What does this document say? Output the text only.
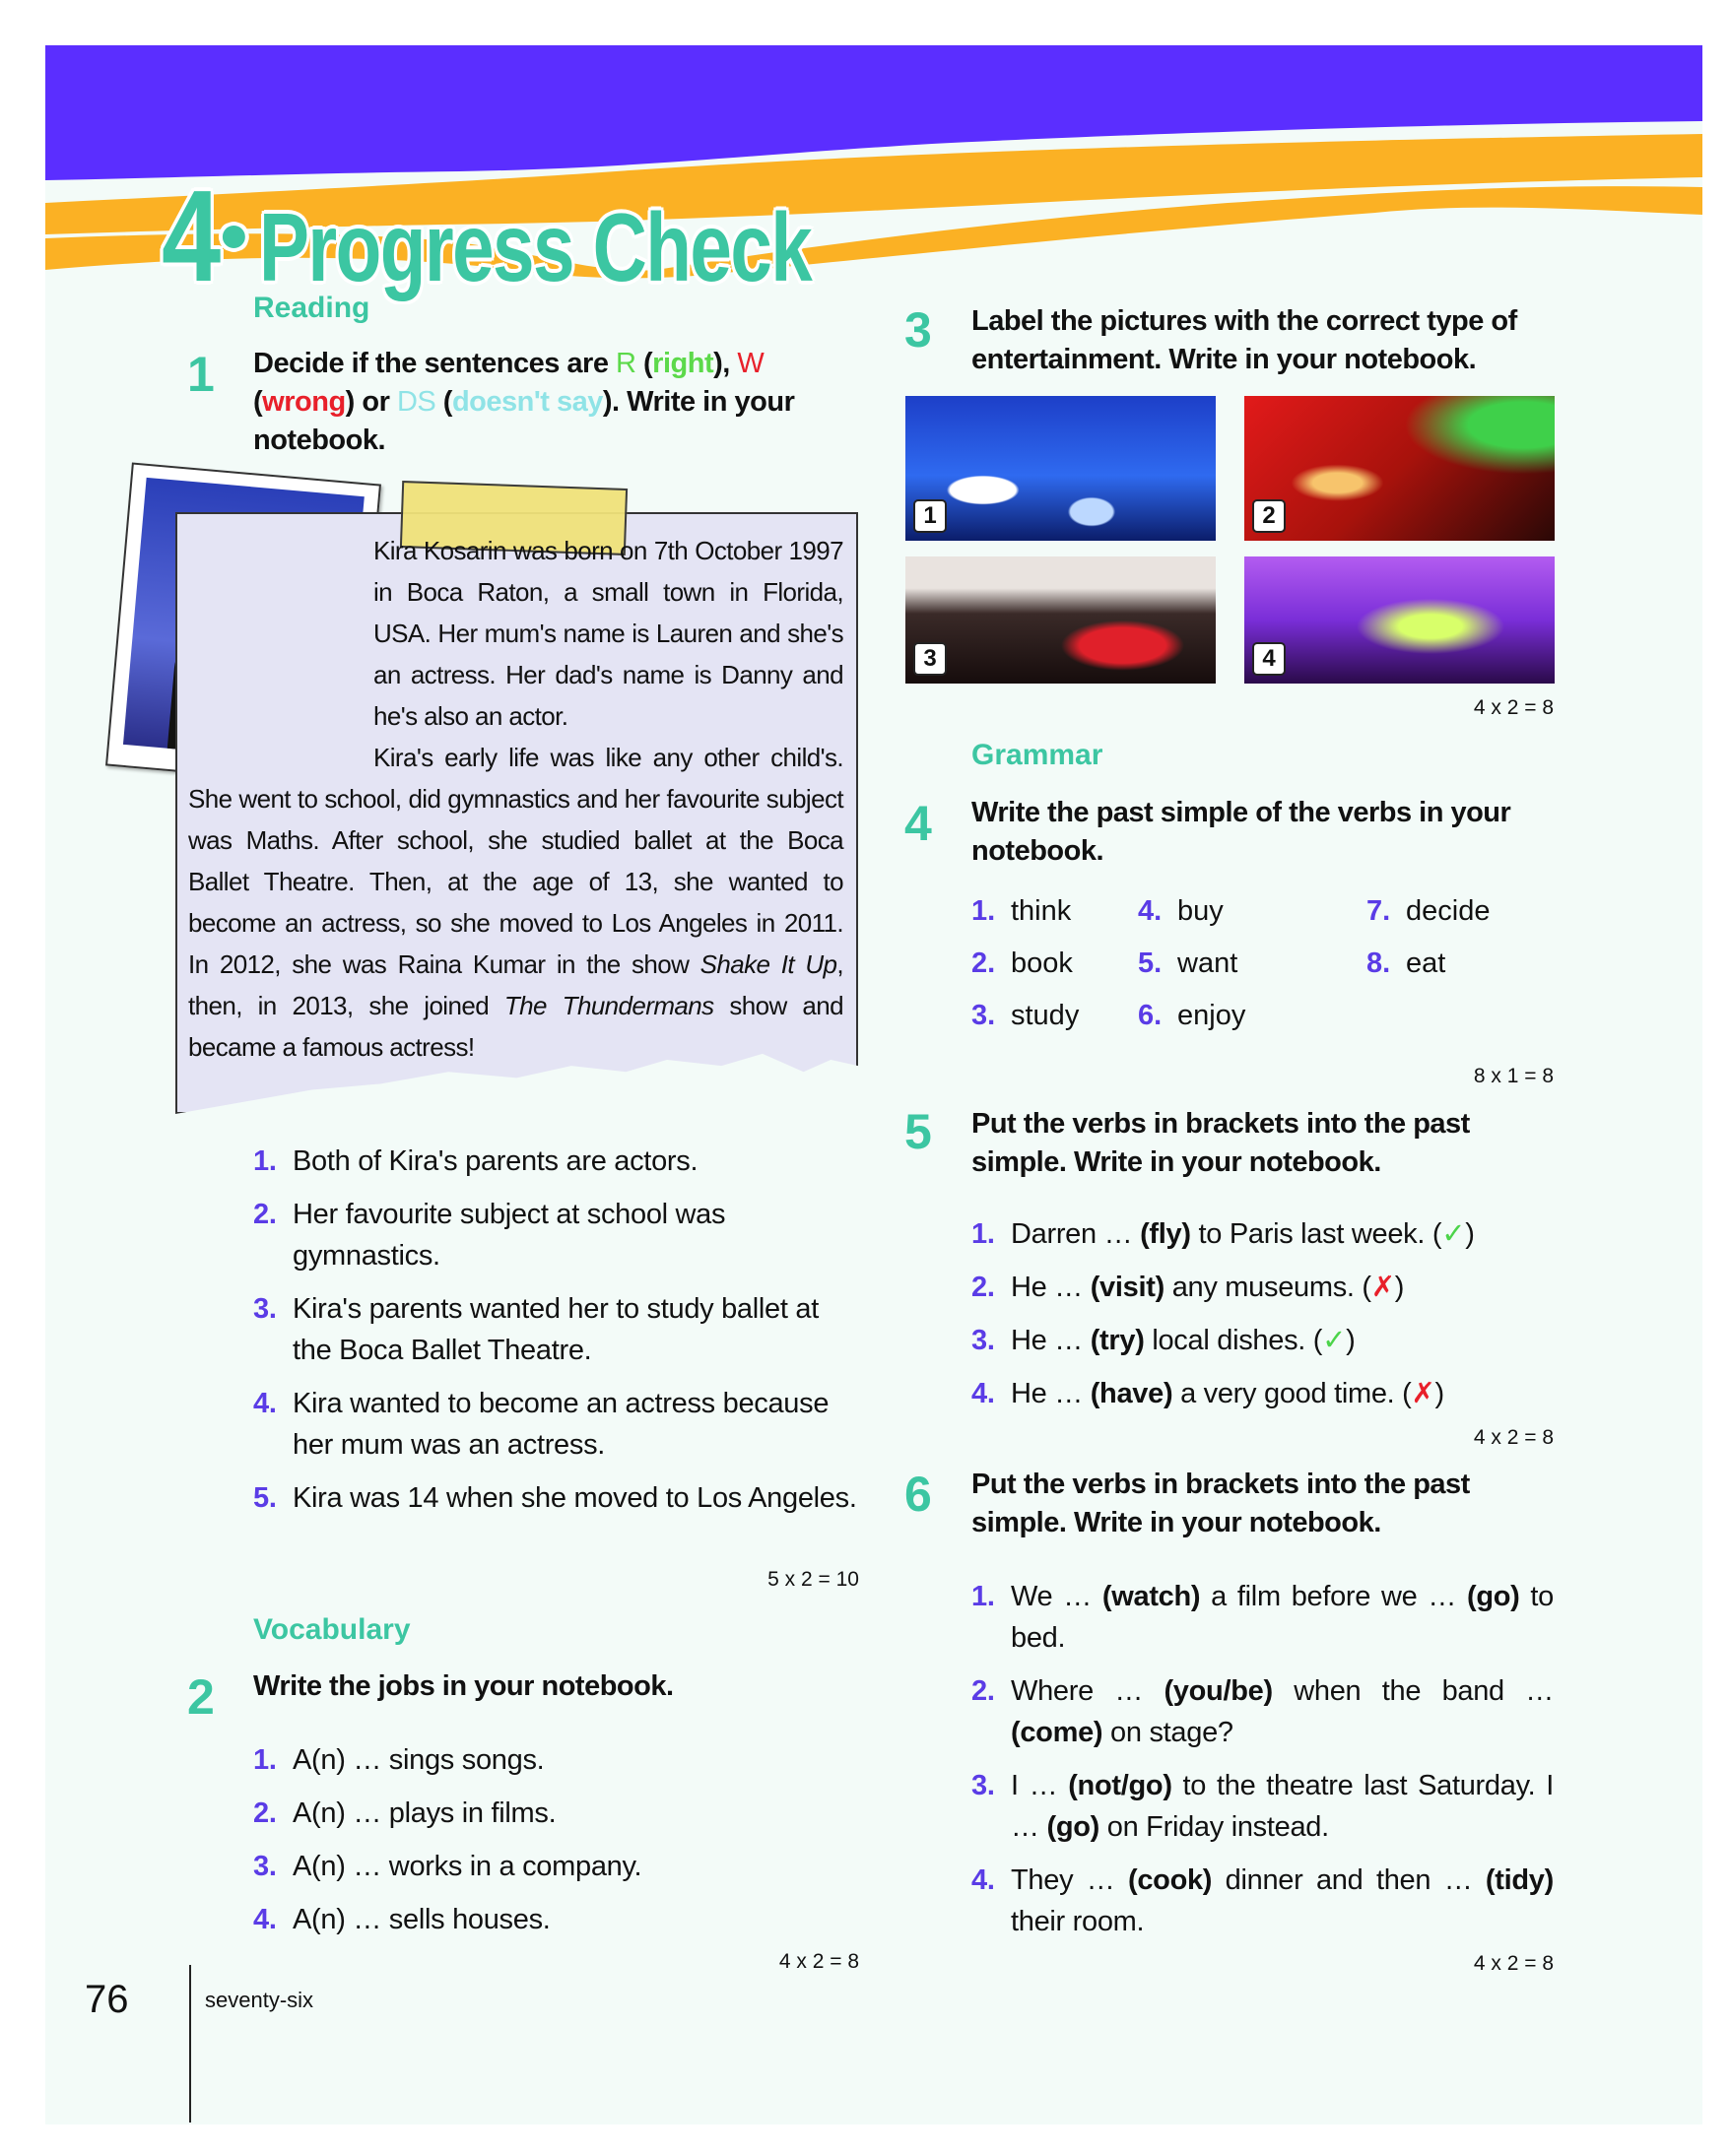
4• Progress Check
Reading
1

Kira Kosarin was born on 7th October 1997 in Boca Raton, a small town in Florida, USA. Her mum's name is Lauren and she's an actress. Her dad's name is Danny and he's also an actor.

Kira's early life was like any other child's. She went to school, did gymnastics and her favourite subject was Maths. After school, she studied ballet at the Boca Ballet Theatre. Then, at the age of 13, she wanted to become an actress, so she moved to Los Angeles in 2011. In 2012, she was Raina Kumar in the show Shake It Up, then, in 2013, she joined The Thundermans show and became a famous actress!

Decide if the sentences are R (right), W (wrong) or DS (doesn't say). Write in your notebook.
1. Both of Kira's parents are actors.
2. Her favourite subject at school was gymnastics.
3. Kira's parents wanted her to study ballet at the Boca Ballet Theatre.
4. Kira wanted to become an actress because her mum was an actress.
5. Kira was 14 when she moved to Los Angeles.
5 x 2 = 10
Vocabulary
2 Write the jobs in your notebook.
1. A(n) … sings songs.
2. A(n) … plays in films.
3. A(n) … works in a company.
4. A(n) … sells houses.
4 x 2 = 8
76	seventy-six
3 Label the pictures with the correct type of entertainment. Write in your notebook.
1	2
3	4
4 x 2 = 8
Grammar
4 Write the past simple of the verbs in your notebook.
1. think
2. book
3. study
4. buy
5. want
6. enjoy
7. decide
8. eat
8 x 1 = 8
5 Put the verbs in brackets into the past simple. Write in your notebook.
1. Darren … (fly) to Paris last week. (✓)
2. He … (visit) any museums. (✗)
3. He … (try) local dishes. (✓)
4. He … (have) a very good time. (✗)
4 x 2 = 8
6 Put the verbs in brackets into the past simple. Write in your notebook.
1. We … (watch) a film before we … (go) to bed.
2. Where … (you/be) when the band … (come) on stage?
3. I … (not/go) to the theatre last Saturday. I … (go) on Friday instead.
4. They … (cook) dinner and then … (tidy) their room.
4 x 2 = 8
